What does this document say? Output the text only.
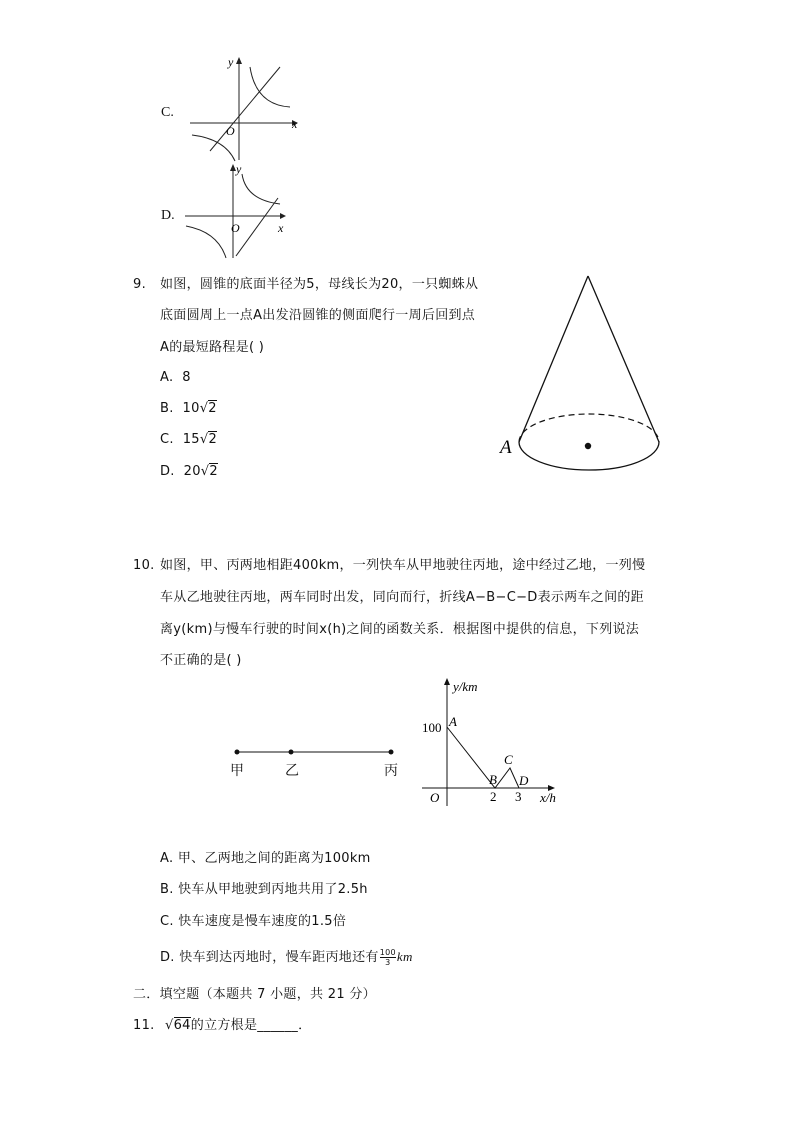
C.
y
x
O
D.
y
x
O
9. 如图，圆锥的底面半径为5，母线长为20，一只蜘蛛从
底面圆周上一点A出发沿圆锥的侧面爬行一周后回到点
A的最短路程是( )
A. 8
B. 10√2
C. 15√2
D. 20√2
A
10. 如图，甲、丙两地相距400km，一列快车从甲地驶往丙地，途中经过乙地，一列慢
车从乙地驶往丙地，两车同时出发，同向而行，折线A−B−C−D表示两车之间的距
离y(km)与慢车行驶的时间x(h)之间的函数关系．根据图中提供的信息，下列说法
不正确的是( )
甲	乙	丙
y/km
x/h
O
100
2 3
A
B
C
D
A. 甲、乙两地之间的距离为100km
B. 快车从甲地驶到丙地共用了2.5h
C. 快车速度是慢车速度的1.5倍
D. 快车到达丙地时，慢车距丙地还有 $\frac{100}{3}$ km
二．填空题（本题共 7 小题，共 21 分）
11. √64的立方根是______．
